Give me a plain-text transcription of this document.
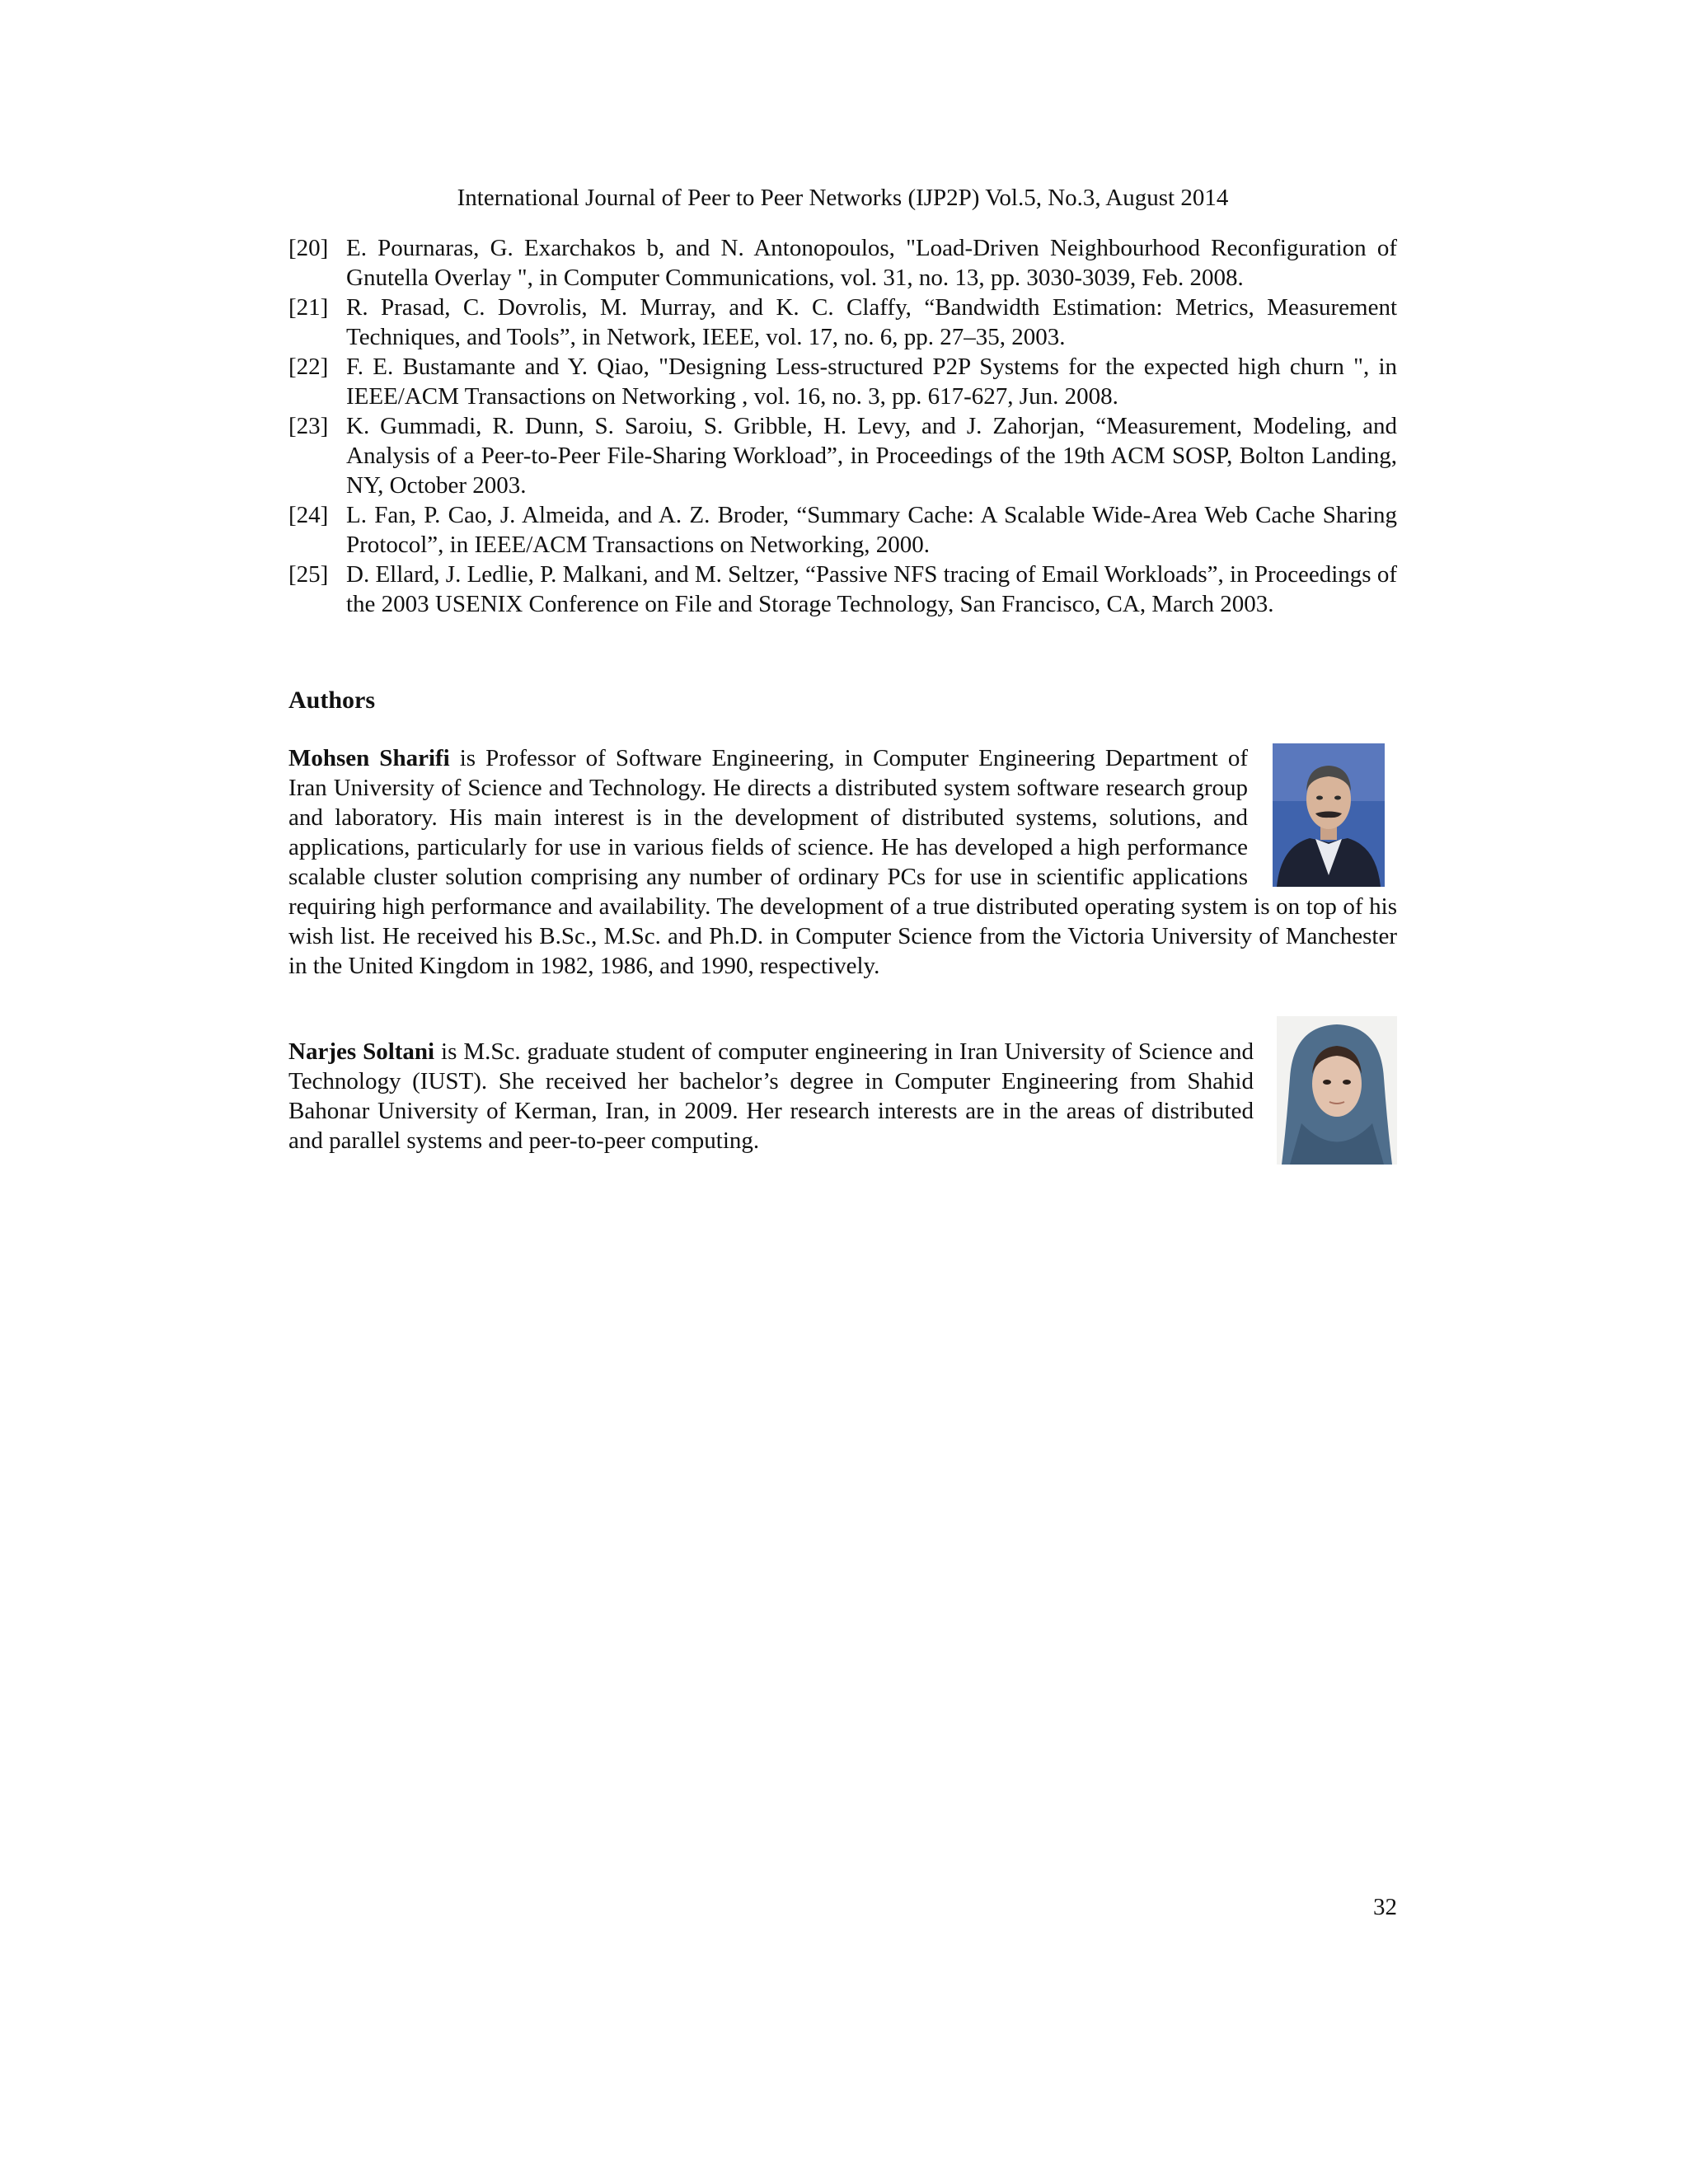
International Journal of Peer to Peer Networks (IJP2P) Vol.5, No.3, August 2014
[20] E. Pournaras, G. Exarchakos b, and N. Antonopoulos, "Load-Driven Neighbourhood Reconfiguration of Gnutella Overlay ", in Computer Communications, vol. 31, no. 13, pp. 3030-3039, Feb. 2008.
[21] R. Prasad, C. Dovrolis, M. Murray, and K. C. Claffy, “Bandwidth Estimation: Metrics, Measurement Techniques, and Tools”, in Network, IEEE, vol. 17, no. 6, pp. 27–35, 2003.
[22] F. E. Bustamante and Y. Qiao, "Designing Less-structured P2P Systems for the expected high churn ", in IEEE/ACM Transactions on Networking , vol. 16, no. 3, pp. 617-627, Jun. 2008.
[23] K. Gummadi, R. Dunn, S. Saroiu, S. Gribble, H. Levy, and J. Zahorjan, “Measurement, Modeling, and Analysis of a Peer-to-Peer File-Sharing Workload”, in Proceedings of the 19th ACM SOSP, Bolton Landing, NY, October 2003.
[24] L. Fan, P. Cao, J. Almeida, and A. Z. Broder, “Summary Cache: A Scalable Wide-Area Web Cache Sharing Protocol”, in IEEE/ACM Transactions on Networking, 2000.
[25] D. Ellard, J. Ledlie, P. Malkani, and M. Seltzer, “Passive NFS tracing of Email Workloads”, in Proceedings of the 2003 USENIX Conference on File and Storage Technology, San Francisco, CA, March 2003.
Authors
Mohsen Sharifi is Professor of Software Engineering, in Computer Engineering Department of Iran University of Science and Technology. He directs a distributed system software research group and laboratory. His main interest is in the development of distributed systems, solutions, and applications, particularly for use in various fields of science. He has developed a high performance scalable cluster solution comprising any number of ordinary PCs for use in scientific applications requiring high performance and availability. The development of a true distributed operating system is on top of his wish list. He received his B.Sc., M.Sc. and Ph.D. in Computer Science from the Victoria University of Manchester in the United Kingdom in 1982, 1986, and 1990, respectively.
Narjes Soltani is M.Sc. graduate student of computer engineering in Iran University of Science and Technology (IUST). She received her bachelor’s degree in Computer Engineering from Shahid Bahonar University of Kerman, Iran, in 2009. Her research interests are in the areas of distributed and parallel systems and peer-to-peer computing.
32
